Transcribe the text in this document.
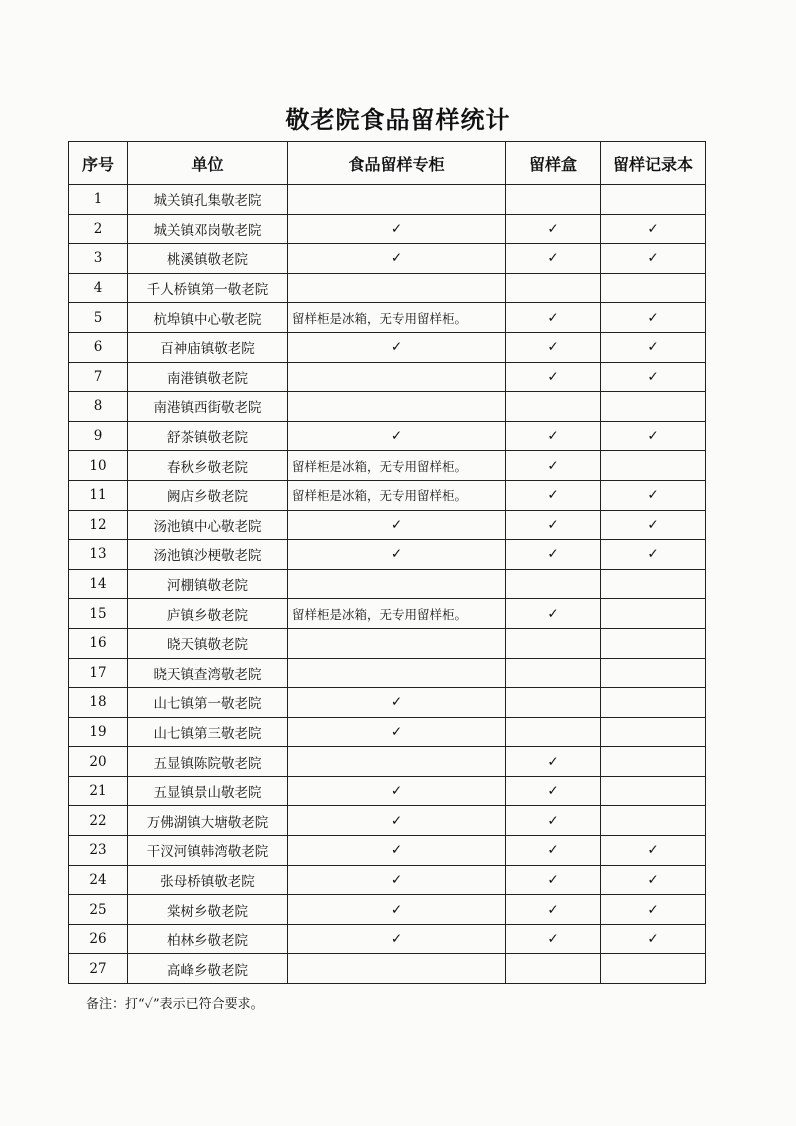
敬老院食品留样统计
序号	单位	食品留样专柜	留样盒	留样记录本
1	城关镇孔集敬老院			
2	城关镇邓岗敬老院	✓	✓	✓
3	桃溪镇敬老院	✓	✓	✓
4	千人桥镇第一敬老院			
5	杭埠镇中心敬老院	留样柜是冰箱，无专用留样柜。	✓	✓
6	百神庙镇敬老院	✓	✓	✓
7	南港镇敬老院		✓	✓
8	南港镇西街敬老院			
9	舒茶镇敬老院	✓	✓	✓
10	春秋乡敬老院	留样柜是冰箱，无专用留样柜。	✓	
11	阙店乡敬老院	留样柜是冰箱，无专用留样柜。	✓	✓
12	汤池镇中心敬老院	✓	✓	✓
13	汤池镇沙梗敬老院	✓	✓	✓
14	河棚镇敬老院			
15	庐镇乡敬老院	留样柜是冰箱，无专用留样柜。	✓	
16	晓天镇敬老院			
17	晓天镇查湾敬老院			
18	山七镇第一敬老院	✓		
19	山七镇第三敬老院	✓		
20	五显镇陈院敬老院		✓	
21	五显镇景山敬老院	✓	✓	
22	万佛湖镇大塘敬老院	✓	✓	
23	干汊河镇韩湾敬老院	✓	✓	✓
24	张母桥镇敬老院	✓	✓	✓
25	棠树乡敬老院	✓	✓	✓
26	柏林乡敬老院	✓	✓	✓
27	高峰乡敬老院			
备注：打“✓”表示已符合要求。
